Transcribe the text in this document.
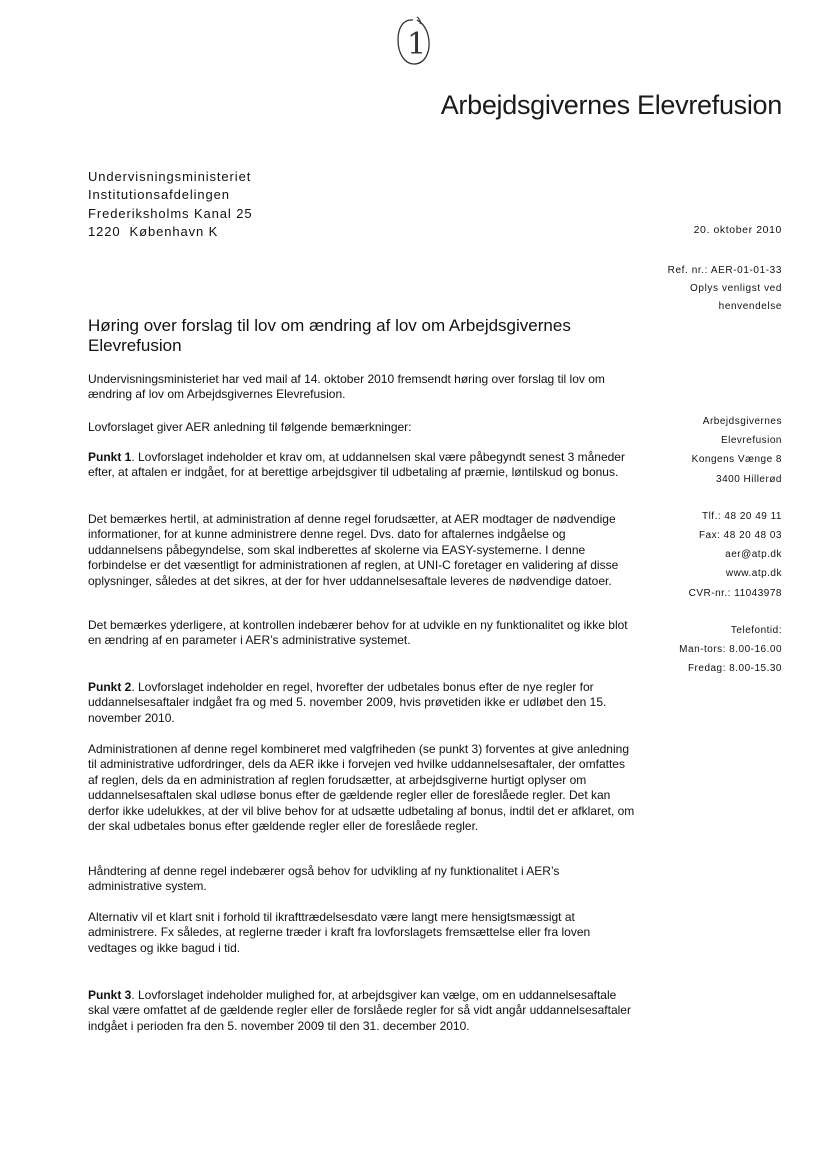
1
Arbejdsgivernes Elevrefusion
Undervisningsministeriet
Institutionsafdelingen
Frederiksholms Kanal 25
1220  København K	20. oktober 2010
Ref. nr.: AER-01-01-33
Oplys venligst ved
henvendelse
Høring over forslag til lov om ændring af lov om Arbejdsgivernes Elevrefusion

Undervisningsministeriet har ved mail af 14. oktober 2010 fremsendt høring over forslag til lov om ændring af lov om Arbejdsgivernes Elevrefusion.

Lovforslaget giver AER anledning til følgende bemærkninger:

Punkt 1. Lovforslaget indeholder et krav om, at uddannelsen skal være påbegyndt senest 3 måneder efter, at aftalen er indgået, for at berettige arbejdsgiver til udbetaling af præmie, løntilskud og bonus.

Det bemærkes hertil, at administration af denne regel forudsætter, at AER modtager de nødvendige informationer, for at kunne administrere denne regel. Dvs. dato for aftalernes indgåelse og uddannelsens påbegyndelse, som skal indberettes af skolerne via EASY-systemerne. I denne forbindelse er det væsentligt for administrationen af reglen, at UNI-C foretager en validering af disse oplysninger, således at det sikres, at der for hver uddannelsesaftale leveres de nødvendige datoer.

Det bemærkes yderligere, at kontrollen indebærer behov for at udvikle en ny funktionalitet og ikke blot en ændring af en parameter i AER’s administrative systemet.

Punkt 2. Lovforslaget indeholder en regel, hvorefter der udbetales bonus efter de nye regler for uddannelsesaftaler indgået fra og med 5. november 2009, hvis prøvetiden ikke er udløbet den 15. november 2010.

Administrationen af denne regel kombineret med valgfriheden (se punkt 3) forventes at give anledning til administrative udfordringer, dels da AER ikke i forvejen ved hvilke uddannelsesaftaler, der omfattes af reglen, dels da en administration af reglen forudsætter, at arbejdsgiverne hurtigt oplyser om uddannelsesaftalen skal udløse bonus efter de gældende regler eller de foreslåede regler. Det kan derfor ikke udelukkes, at der vil blive behov for at udsætte udbetaling af bonus, indtil det er afklaret, om der skal udbetales bonus efter gældende regler eller de foreslåede regler.

Håndtering af denne regel indebærer også behov for udvikling af ny funktionalitet i AER’s administrative system.

Alternativ vil et klart snit i forhold til ikrafttrædelsesdato være langt mere hensigtsmæssigt at administrere. Fx således, at reglerne træder i kraft fra lovforslagets fremsættelse eller fra loven vedtages og ikke bagud i tid.

Punkt 3. Lovforslaget indeholder mulighed for, at arbejdsgiver kan vælge, om en uddannelsesaftale skal være omfattet af de gældende regler eller de forslåede regler for så vidt angår uddannelsesaftaler indgået i perioden fra den 5. november 2009 til den 31. december 2010.

Arbejdsgivernes
Elevrefusion
Kongens Vænge 8
3400 Hillerød
Tlf.: 48 20 49 11
Fax: 48 20 48 03
aer@atp.dk
www.atp.dk
CVR-nr.: 11043978
Telefontid:
Man-tors: 8.00-16.00
Fredag: 8.00-15.30
